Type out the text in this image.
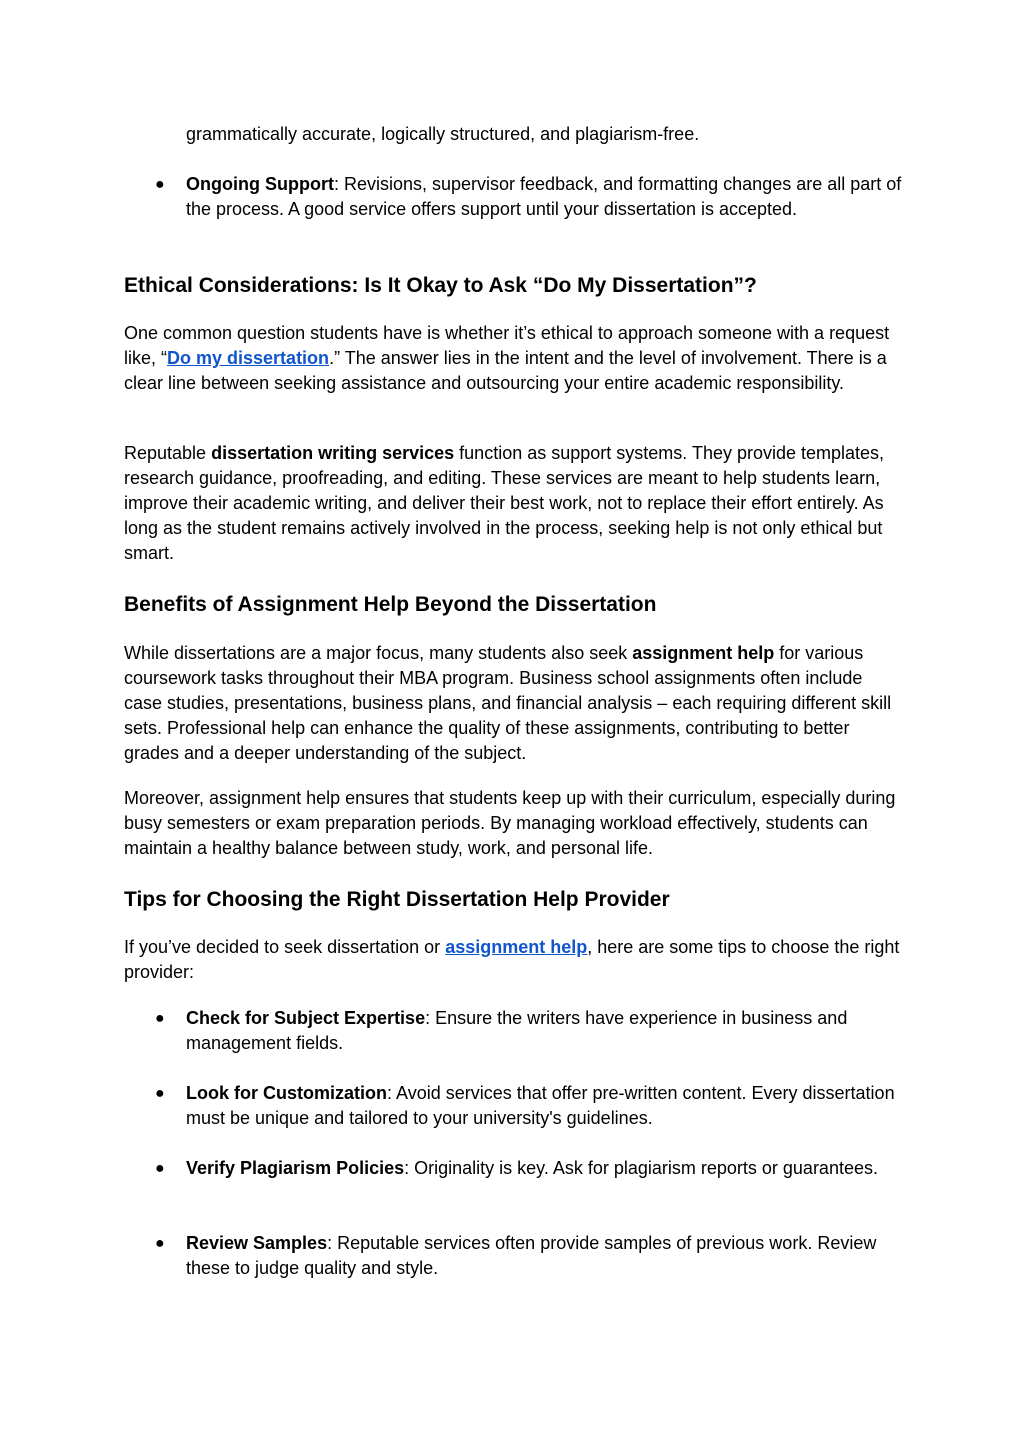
grammatically accurate, logically structured, and plagiarism-free.

● Ongoing Support: Revisions, supervisor feedback, and formatting changes are all part of the process. A good service offers support until your dissertation is accepted.

Ethical Considerations: Is It Okay to Ask “Do My Dissertation”?

One common question students have is whether it’s ethical to approach someone with a request like, “Do my dissertation.” The answer lies in the intent and the level of involvement. There is a clear line between seeking assistance and outsourcing your entire academic responsibility.

Reputable dissertation writing services function as support systems. They provide templates, research guidance, proofreading, and editing. These services are meant to help students learn, improve their academic writing, and deliver their best work, not to replace their effort entirely. As long as the student remains actively involved in the process, seeking help is not only ethical but smart.

Benefits of Assignment Help Beyond the Dissertation

While dissertations are a major focus, many students also seek assignment help for various coursework tasks throughout their MBA program. Business school assignments often include case studies, presentations, business plans, and financial analysis – each requiring different skill sets. Professional help can enhance the quality of these assignments, contributing to better grades and a deeper understanding of the subject.

Moreover, assignment help ensures that students keep up with their curriculum, especially during busy semesters or exam preparation periods. By managing workload effectively, students can maintain a healthy balance between study, work, and personal life.

Tips for Choosing the Right Dissertation Help Provider

If you’ve decided to seek dissertation or assignment help, here are some tips to choose the right provider:

● Check for Subject Expertise: Ensure the writers have experience in business and management fields.

● Look for Customization: Avoid services that offer pre-written content. Every dissertation must be unique and tailored to your university's guidelines.

● Verify Plagiarism Policies: Originality is key. Ask for plagiarism reports or guarantees.

● Review Samples: Reputable services often provide samples of previous work. Review these to judge quality and style.
